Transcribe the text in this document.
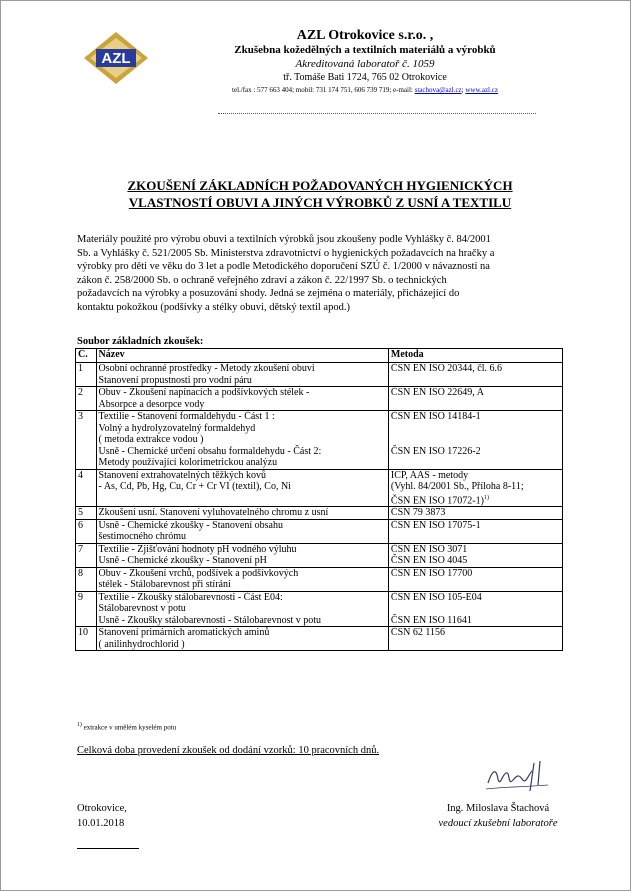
AZL
AZL Otrokovice s.r.o. ,
Zkušebna kožedělných a textilních materiálů a výrobků
Akreditovaná laboratoř č. 1059
tř. Tomáše Bati 1724, 765 02 Otrokovice
tel./fax : 577 663 404; mobil: 731 174 751, 606 739 719; e-mail: stachova@azl.cz; www.azl.cz
ZKOUŠENÍ ZÁKLADNÍCH POŽADOVANÝCH HYGIENICKÝCH
VLASTNOSTÍ OBUVI A JINÝCH VÝROBKŮ Z USNÍ A TEXTILU
Materiály použité pro výrobu obuvi a textilních výrobků jsou zkoušeny podle Vyhlášky č. 84/2001
Sb. a Vyhlášky č. 521/2005 Sb. Ministerstva zdravotnictví o hygienických požadavcích na hračky a
výrobky pro děti ve věku do 3 let a podle Metodického doporučení SZÚ č. 1/2000 v návaznosti na
zákon č. 258/2000 Sb. o ochraně veřejného zdraví a zákon č. 22/1997 Sb. o technických
požadavcích na výrobky a posuzování shody. Jedná se zejména o materiály, přicházející do
kontaktu pokožkou (podšívky a stélky obuvi, dětský textil apod.)
Soubor základních zkoušek:
Č.	Název	Metoda
1	Osobní ochranné prostředky - Metody zkoušení obuvi
Stanovení propustnosti pro vodní páru	ČSN EN ISO 20344, čl. 6.6

2	Obuv - Zkoušení napínacích a podšívkových stélek -
Absorpce a desorpce vody	ČSN EN ISO 22649, A

3	Textilie - Stanovení formaldehydu - Část 1 :
Volný a hydrolyzovatelný formaldehyd
( metoda extrakce vodou )
Usně - Chemické určení obsahu formaldehydu - Část 2:
Metody používající kolorimetrickou analýzu	ČSN EN ISO 14184-1
ČSN EN ISO 17226-2

4	Stanovení extrahovatelných těžkých kovů
- As, Cd, Pb, Hg, Cu, Cr + Cr VI (textil), Co, Ni	ICP, AAS - metody
(Vyhl. 84/2001 Sb., Příloha 8-11;
ČSN EN ISO 17072-1)$^{1)}$

5	Zkoušení usní. Stanovení vyluhovatelného chromu z usní	ČSN 79 3873

6	Usně - Chemické zkoušky - Stanovení obsahu
šestimocného chrómu	ČSN EN ISO 17075-1

7	Textilie - Zjišťování hodnoty pH vodného výluhu
Usně - Chemické zkoušky - Stanovení pH	ČSN EN ISO 3071
ČSN EN ISO 4045

8	Obuv - Zkoušení vrchů, podšívek a podšívkových
stélek - Stálobarevnost při stírání	ČSN EN ISO 17700

9	Textilie - Zkoušky stálobarevnosti - Část E04:
Stálobarevnost v potu
Usně - Zkoušky stálobarevnosti - Stálobarevnost v potu	ČSN EN ISO 105-E04
ČSN EN ISO 11641

10	Stanovení primárních aromatických aminů
( anilinhydrochlorid )	ČSN 62 1156
$^{1)}$ extrakce v umělém kyselém potu
Celková doba provedení zkoušek od dodání vzorků: 10 pracovních dnů.
Otrokovice,
10.01.2018
Ing. Miloslava Štachová
vedoucí zkušební laboratoře
